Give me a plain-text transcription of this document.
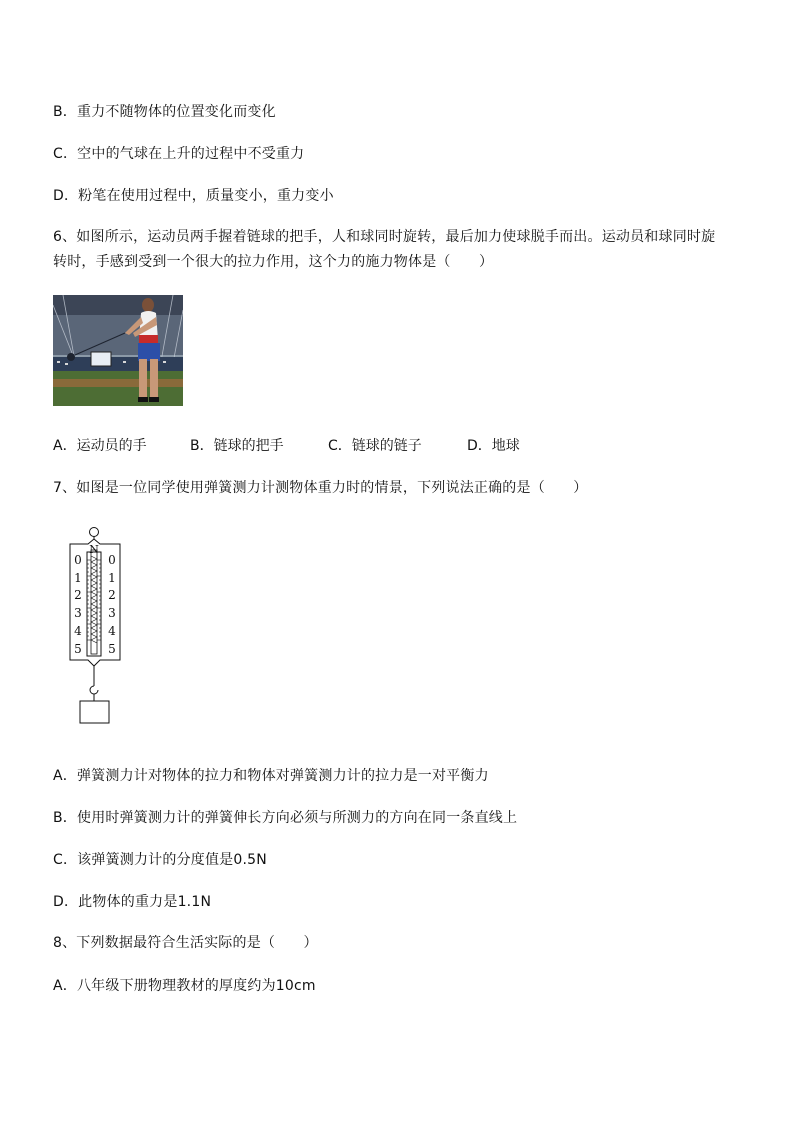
B．重力不随物体的位置变化而变化
C．空中的气球在上升的过程中不受重力
D．粉笔在使用过程中，质量变小，重力变小
6、如图所示，运动员两手握着链球的把手，人和球同时旋转，最后加力使球脱手而出。运动员和球同时旋
转时，手感到受到一个很大的拉力作用，这个力的施力物体是（　　）
A．运动员的手	B．链球的把手	C．链球的链子	D．地球
7、如图是一位同学使用弹簧测力计测物体重力时的情景，下列说法正确的是（　　）
N
0
1
2
3
4
5
0
1
2
3
4
5
A．弹簧测力计对物体的拉力和物体对弹簧测力计的拉力是一对平衡力
B．使用时弹簧测力计的弹簧伸长方向必须与所测力的方向在同一条直线上
C．该弹簧测力计的分度值是0.5N
D．此物体的重力是1.1N
8、下列数据最符合生活实际的是（　　）
A．八年级下册物理教材的厚度约为10cm
